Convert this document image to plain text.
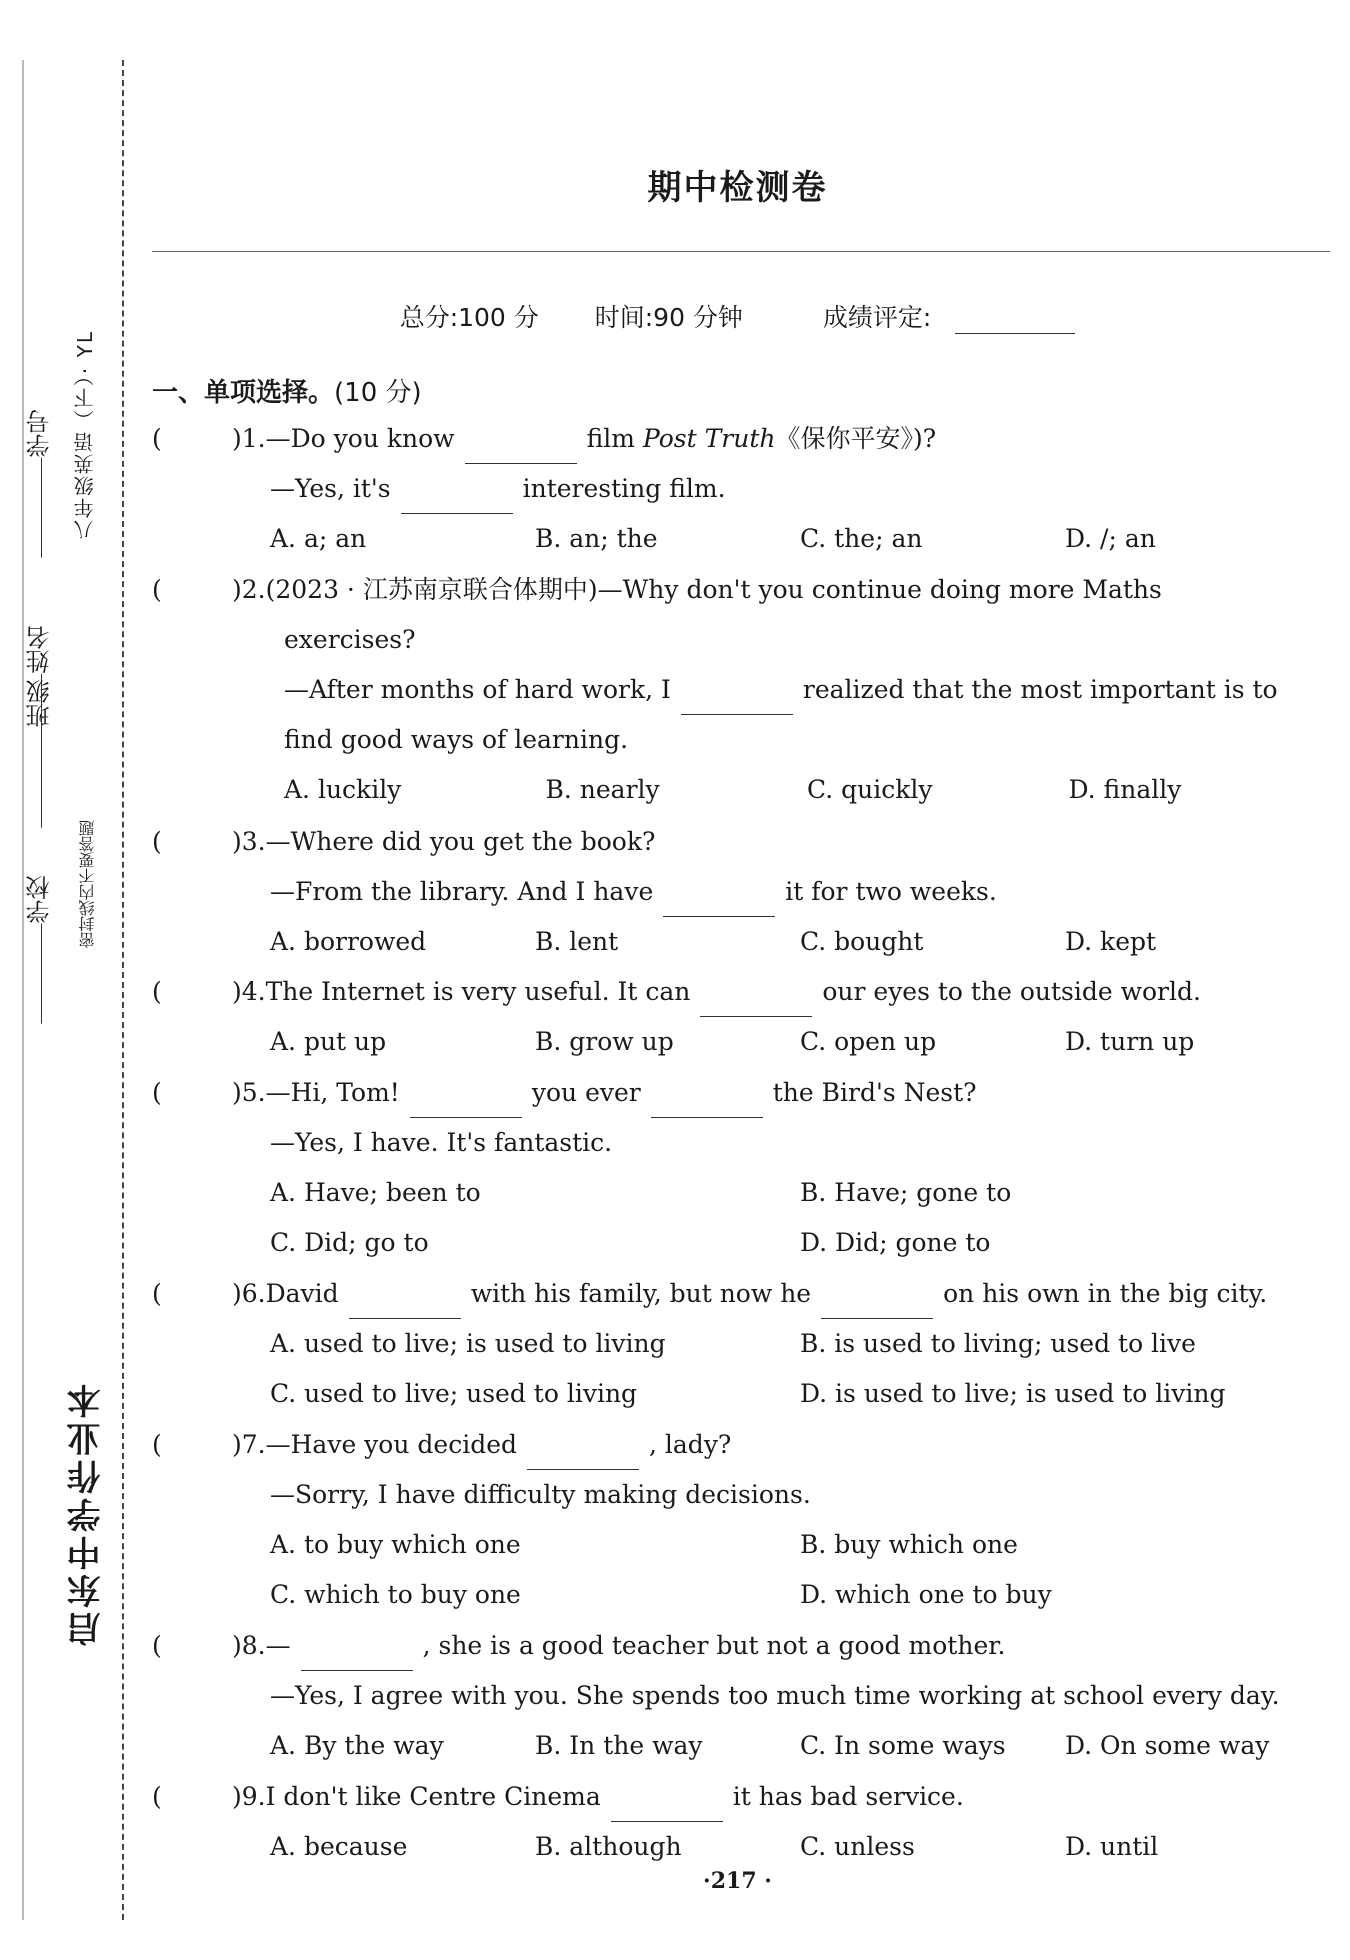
八年级英语（下）· YL
密封线内不要答题
学校 班级
姓名 学号
启东中学作业本
期中检测卷
总分:100 分 时间:90 分钟	成绩评定:
一、单项选择。(10 分)
(	)1.—Do you know	film Post Truth《保你平安》)?
—Yes, it's	interesting film.
A. a; an	B. an; the	C. the; an	D. /; an
(	)2.(2023 · 江苏南京联合体期中)—Why don't you continue doing more Maths
exercises?
—After months of hard work, I	realized that the most important is to
find good ways of learning.
A. luckily	B. nearly	C. quickly	D. finally
(	)3.—Where did you get the book?
—From the library. And I have	it for two weeks.
A. borrowed	B. lent	C. bought	D. kept
(	)4.The Internet is very useful. It can	our eyes to the outside world.
A. put up	B. grow up	C. open up	D. turn up
(	)5.—Hi, Tom!	you ever	the Bird's Nest?
—Yes, I have. It's fantastic.
A. Have; been to	B. Have; gone to
C. Did; go to	D. Did; gone to
(	)6.David	with his family, but now he	on his own in the big city.
A. used to live; is used to living	B. is used to living; used to live
C. used to live; used to living	D. is used to live; is used to living
(	)7.—Have you decided	, lady?
—Sorry, I have difficulty making decisions.
A. to buy which one	B. buy which one
C. which to buy one	D. which one to buy
(	)8.—	, she is a good teacher but not a good mother.
—Yes, I agree with you. She spends too much time working at school every day.
A. By the way	B. In the way	C. In some ways	D. On some way
(	)9.I don't like Centre Cinema	it has bad service.
A. because	B. although	C. unless	D. until
·217 ·
